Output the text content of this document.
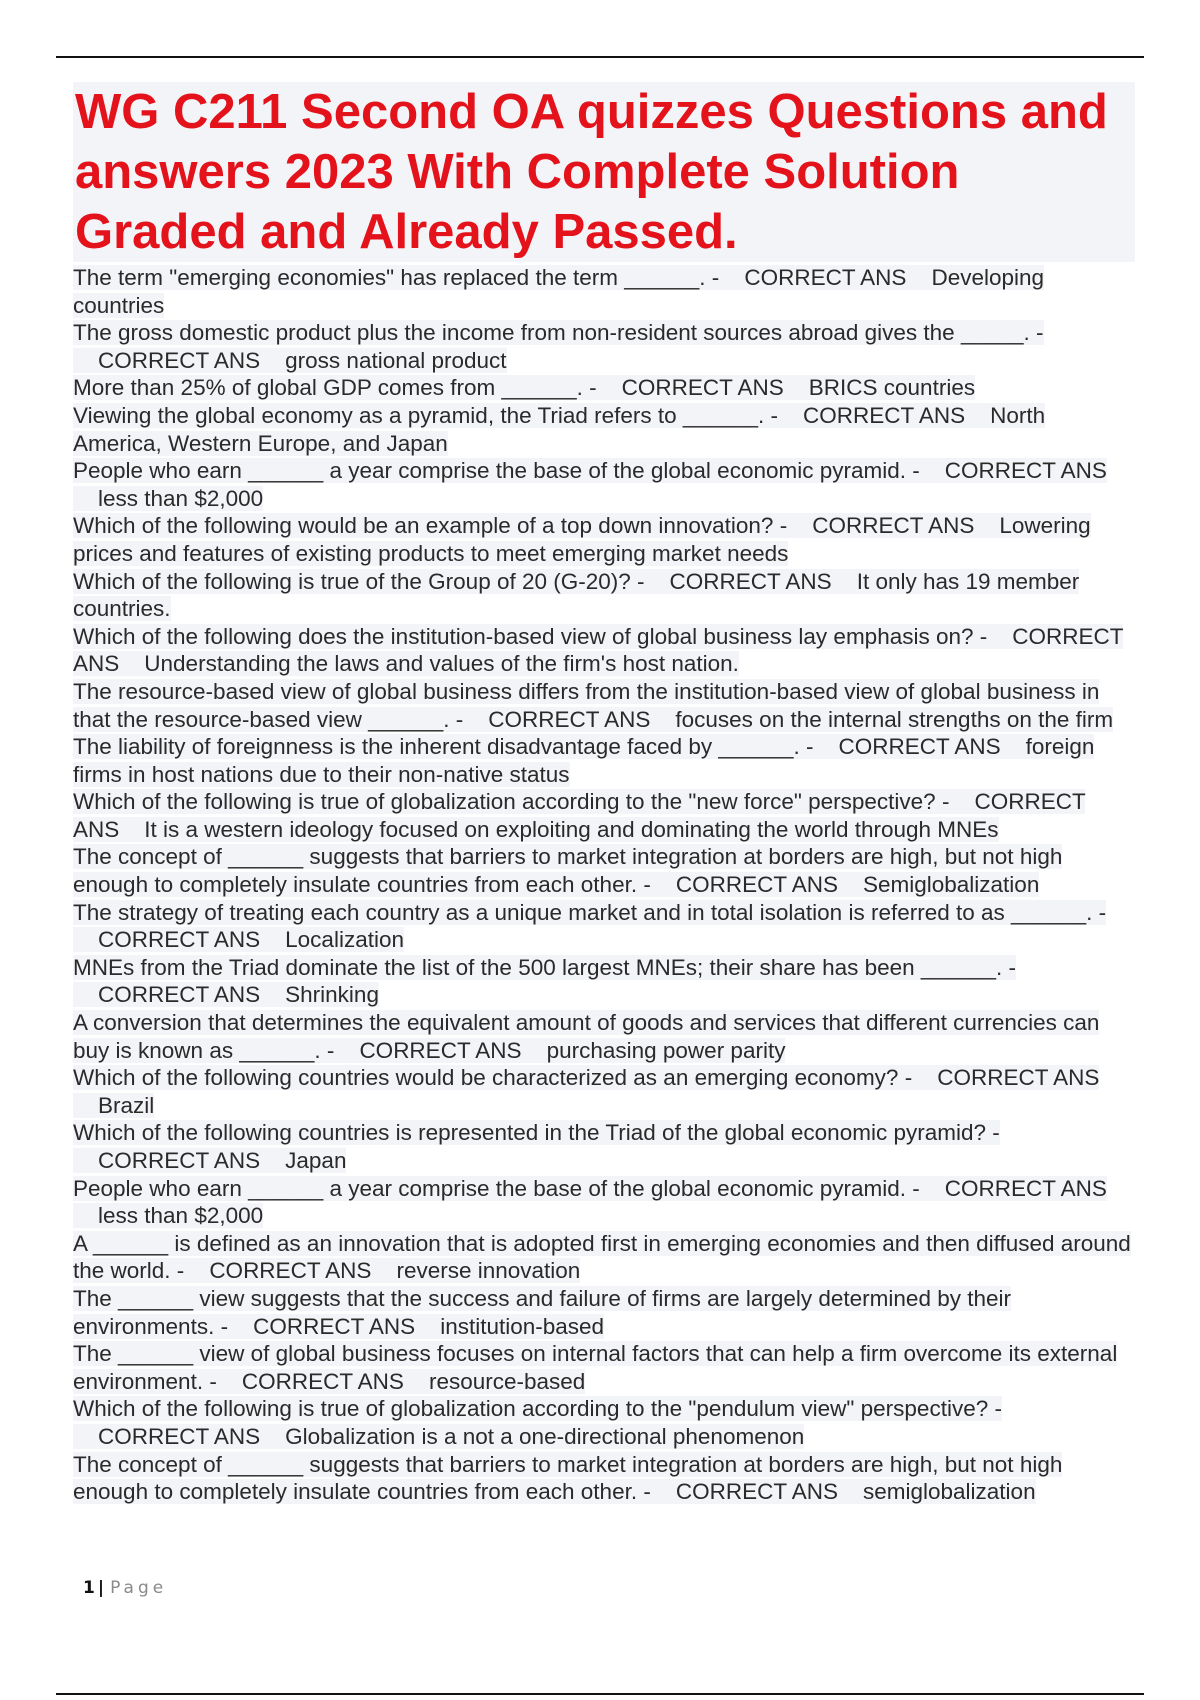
WG C211 Second OA quizzes Questions and answers 2023 With Complete Solution Graded and Already Passed.
The term "emerging economies" has replaced the term ______. - CORRECT ANS Developing countries
The gross domestic product plus the income from non-resident sources abroad gives the _____. -    CORRECT ANS gross national product
More than 25% of global GDP comes from ______. - CORRECT ANS BRICS countries
Viewing the global economy as a pyramid, the Triad refers to ______. - CORRECT ANS North America, Western Europe, and Japan
People who earn ______ a year comprise the base of the global economic pyramid. - CORRECT ANS    less than $2,000
Which of the following would be an example of a top down innovation? - CORRECT ANS Lowering prices and features of existing products to meet emerging market needs
Which of the following is true of the Group of 20 (G-20)? - CORRECT ANS It only has 19 member countries.
Which of the following does the institution-based view of global business lay emphasis on? - CORRECT ANS Understanding the laws and values of the firm's host nation.
The resource-based view of global business differs from the institution-based view of global business in that the resource-based view ______. - CORRECT ANS focuses on the internal strengths on the firm
The liability of foreignness is the inherent disadvantage faced by ______. - CORRECT ANS foreign firms in host nations due to their non-native status
Which of the following is true of globalization according to the "new force" perspective? - CORRECT ANS It is a western ideology focused on exploiting and dominating the world through MNEs
The concept of ______ suggests that barriers to market integration at borders are high, but not high enough to completely insulate countries from each other. - CORRECT ANS Semiglobalization
The strategy of treating each country as a unique market and in total isolation is referred to as ______. -    CORRECT ANS Localization
MNEs from the Triad dominate the list of the 500 largest MNEs; their share has been ______. -    CORRECT ANS Shrinking
A conversion that determines the equivalent amount of goods and services that different currencies can buy is known as ______. - CORRECT ANS purchasing power parity
Which of the following countries would be characterized as an emerging economy? - CORRECT ANS    Brazil
Which of the following countries is represented in the Triad of the global economic pyramid? -    CORRECT ANS Japan
People who earn ______ a year comprise the base of the global economic pyramid. - CORRECT ANS    less than $2,000
A ______ is defined as an innovation that is adopted first in emerging economies and then diffused around the world. - CORRECT ANS reverse innovation
The ______ view suggests that the success and failure of firms are largely determined by their environments. - CORRECT ANS institution-based
The ______ view of global business focuses on internal factors that can help a firm overcome its external environment. - CORRECT ANS resource-based
Which of the following is true of globalization according to the "pendulum view" perspective? -    CORRECT ANS Globalization is a not a one-directional phenomenon
The concept of ______ suggests that barriers to market integration at borders are high, but not high enough to completely insulate countries from each other. - CORRECT ANS semiglobalization
1 | Page
